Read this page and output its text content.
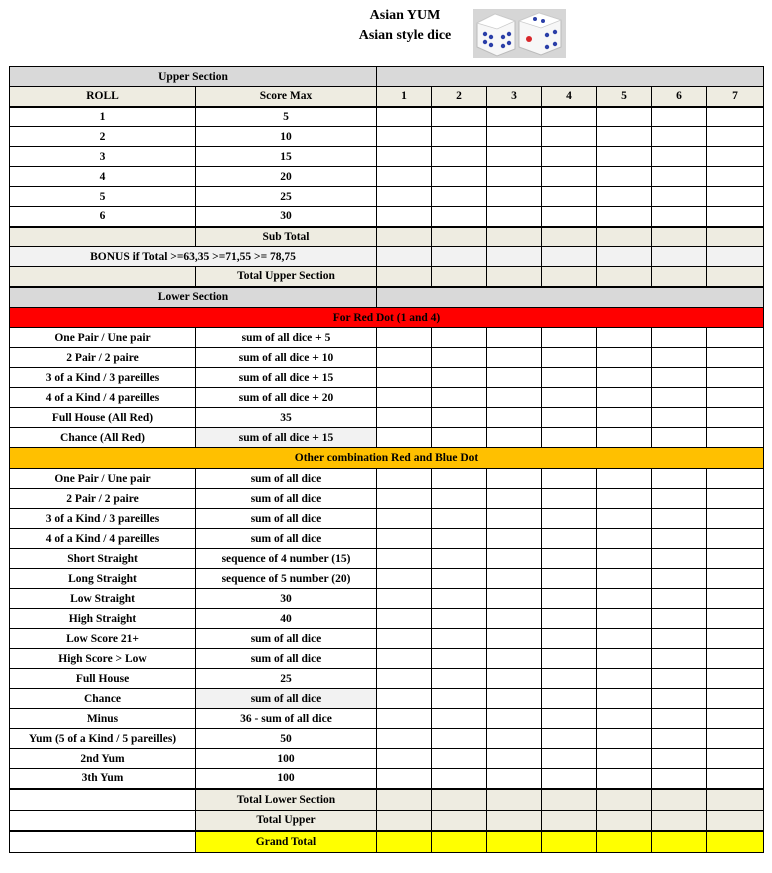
Asian YUM
Asian style dice
Upper Section								
ROLL	Score Max	1	2	3	4	5	6	7
1	5							
2	10							
3	15							
4	20							
5	25							
6	30							
	Sub Total							
BONUS if Total >=63,35 >=71,55 >= 78,75								
	Total Upper Section							
Lower Section								
For Red Dot (1 and 4)								
One Pair / Une pair	sum of all dice + 5							
2 Pair / 2 paire	sum of all dice + 10							
3 of a Kind / 3 pareilles	sum of all dice + 15							
4 of a Kind / 4 pareilles	sum of all dice + 20							
Full House (All Red)	35							
Chance (All Red)	sum of all dice + 15							
Other combination Red and Blue Dot								
One Pair / Une pair	sum of all dice							
2 Pair / 2 paire	sum of all dice							
3 of a Kind / 3 pareilles	sum of all dice							
4 of a Kind / 4 pareilles	sum of all dice							
Short Straight	sequence of 4 number (15)							
Long Straight	sequence of 5 number (20)							
Low Straight	30							
High Straight	40							
Low Score 21+	sum of all dice							
High Score > Low	sum of all dice							
Full House	25							
Chance	sum of all dice							
Minus	36 - sum of all dice							
Yum (5 of a Kind / 5 pareilles)	50							
2nd Yum	100							
3th Yum	100							
	Total Lower Section							
	Total Upper							
	Grand Total							
